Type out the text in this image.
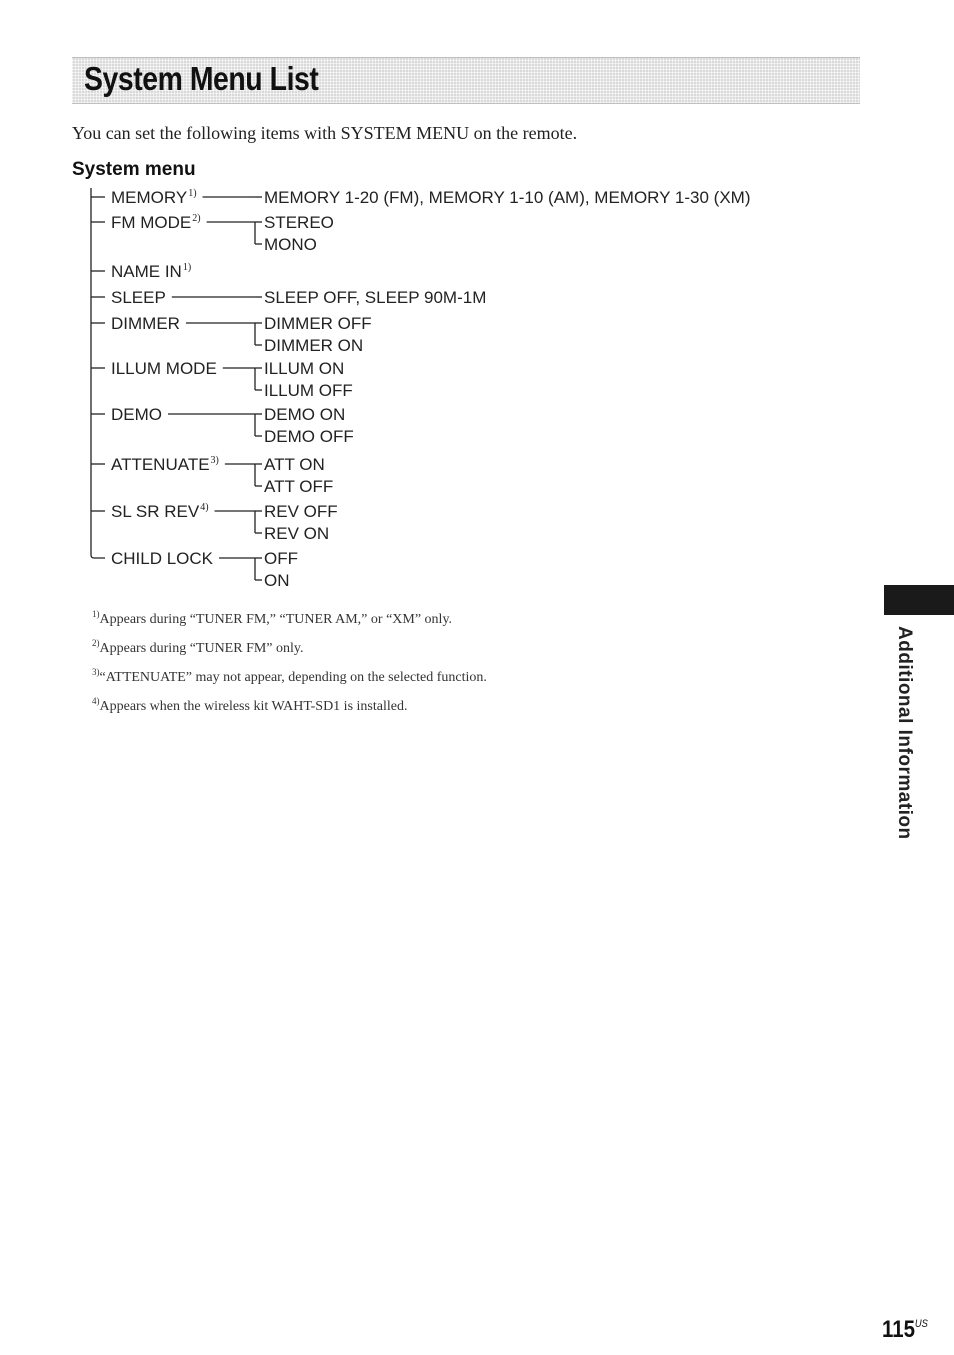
System Menu List
You can set the following items with SYSTEM MENU on the remote.
System menu
MEMORY 1)	MEMORY 1-20 (FM), MEMORY 1-10 (AM), MEMORY 1-30 (XM)
FM MODE 2)	STEREO
MONO
NAME IN 1)
SLEEP	SLEEP OFF, SLEEP 90M-1M
DIMMER	DIMMER OFF
DIMMER ON
ILLUM MODE	ILLUM ON
ILLUM OFF
DEMO	DEMO ON
DEMO OFF
ATTENUATE 3)	ATT ON
ATT OFF
SL SR REV 4)	REV OFF
REV ON
CHILD LOCK	OFF
ON
$^{1)}$Appears during “TUNER FM,” “TUNER AM,” or “XM” only.
$^{2)}$Appears during “TUNER FM” only.
$^{3)}$“ATTENUATE” may not appear, depending on the selected function.
$^{4)}$Appears when the wireless kit WAHT-SD1 is installed.	Additional Information
$115^{US}$
